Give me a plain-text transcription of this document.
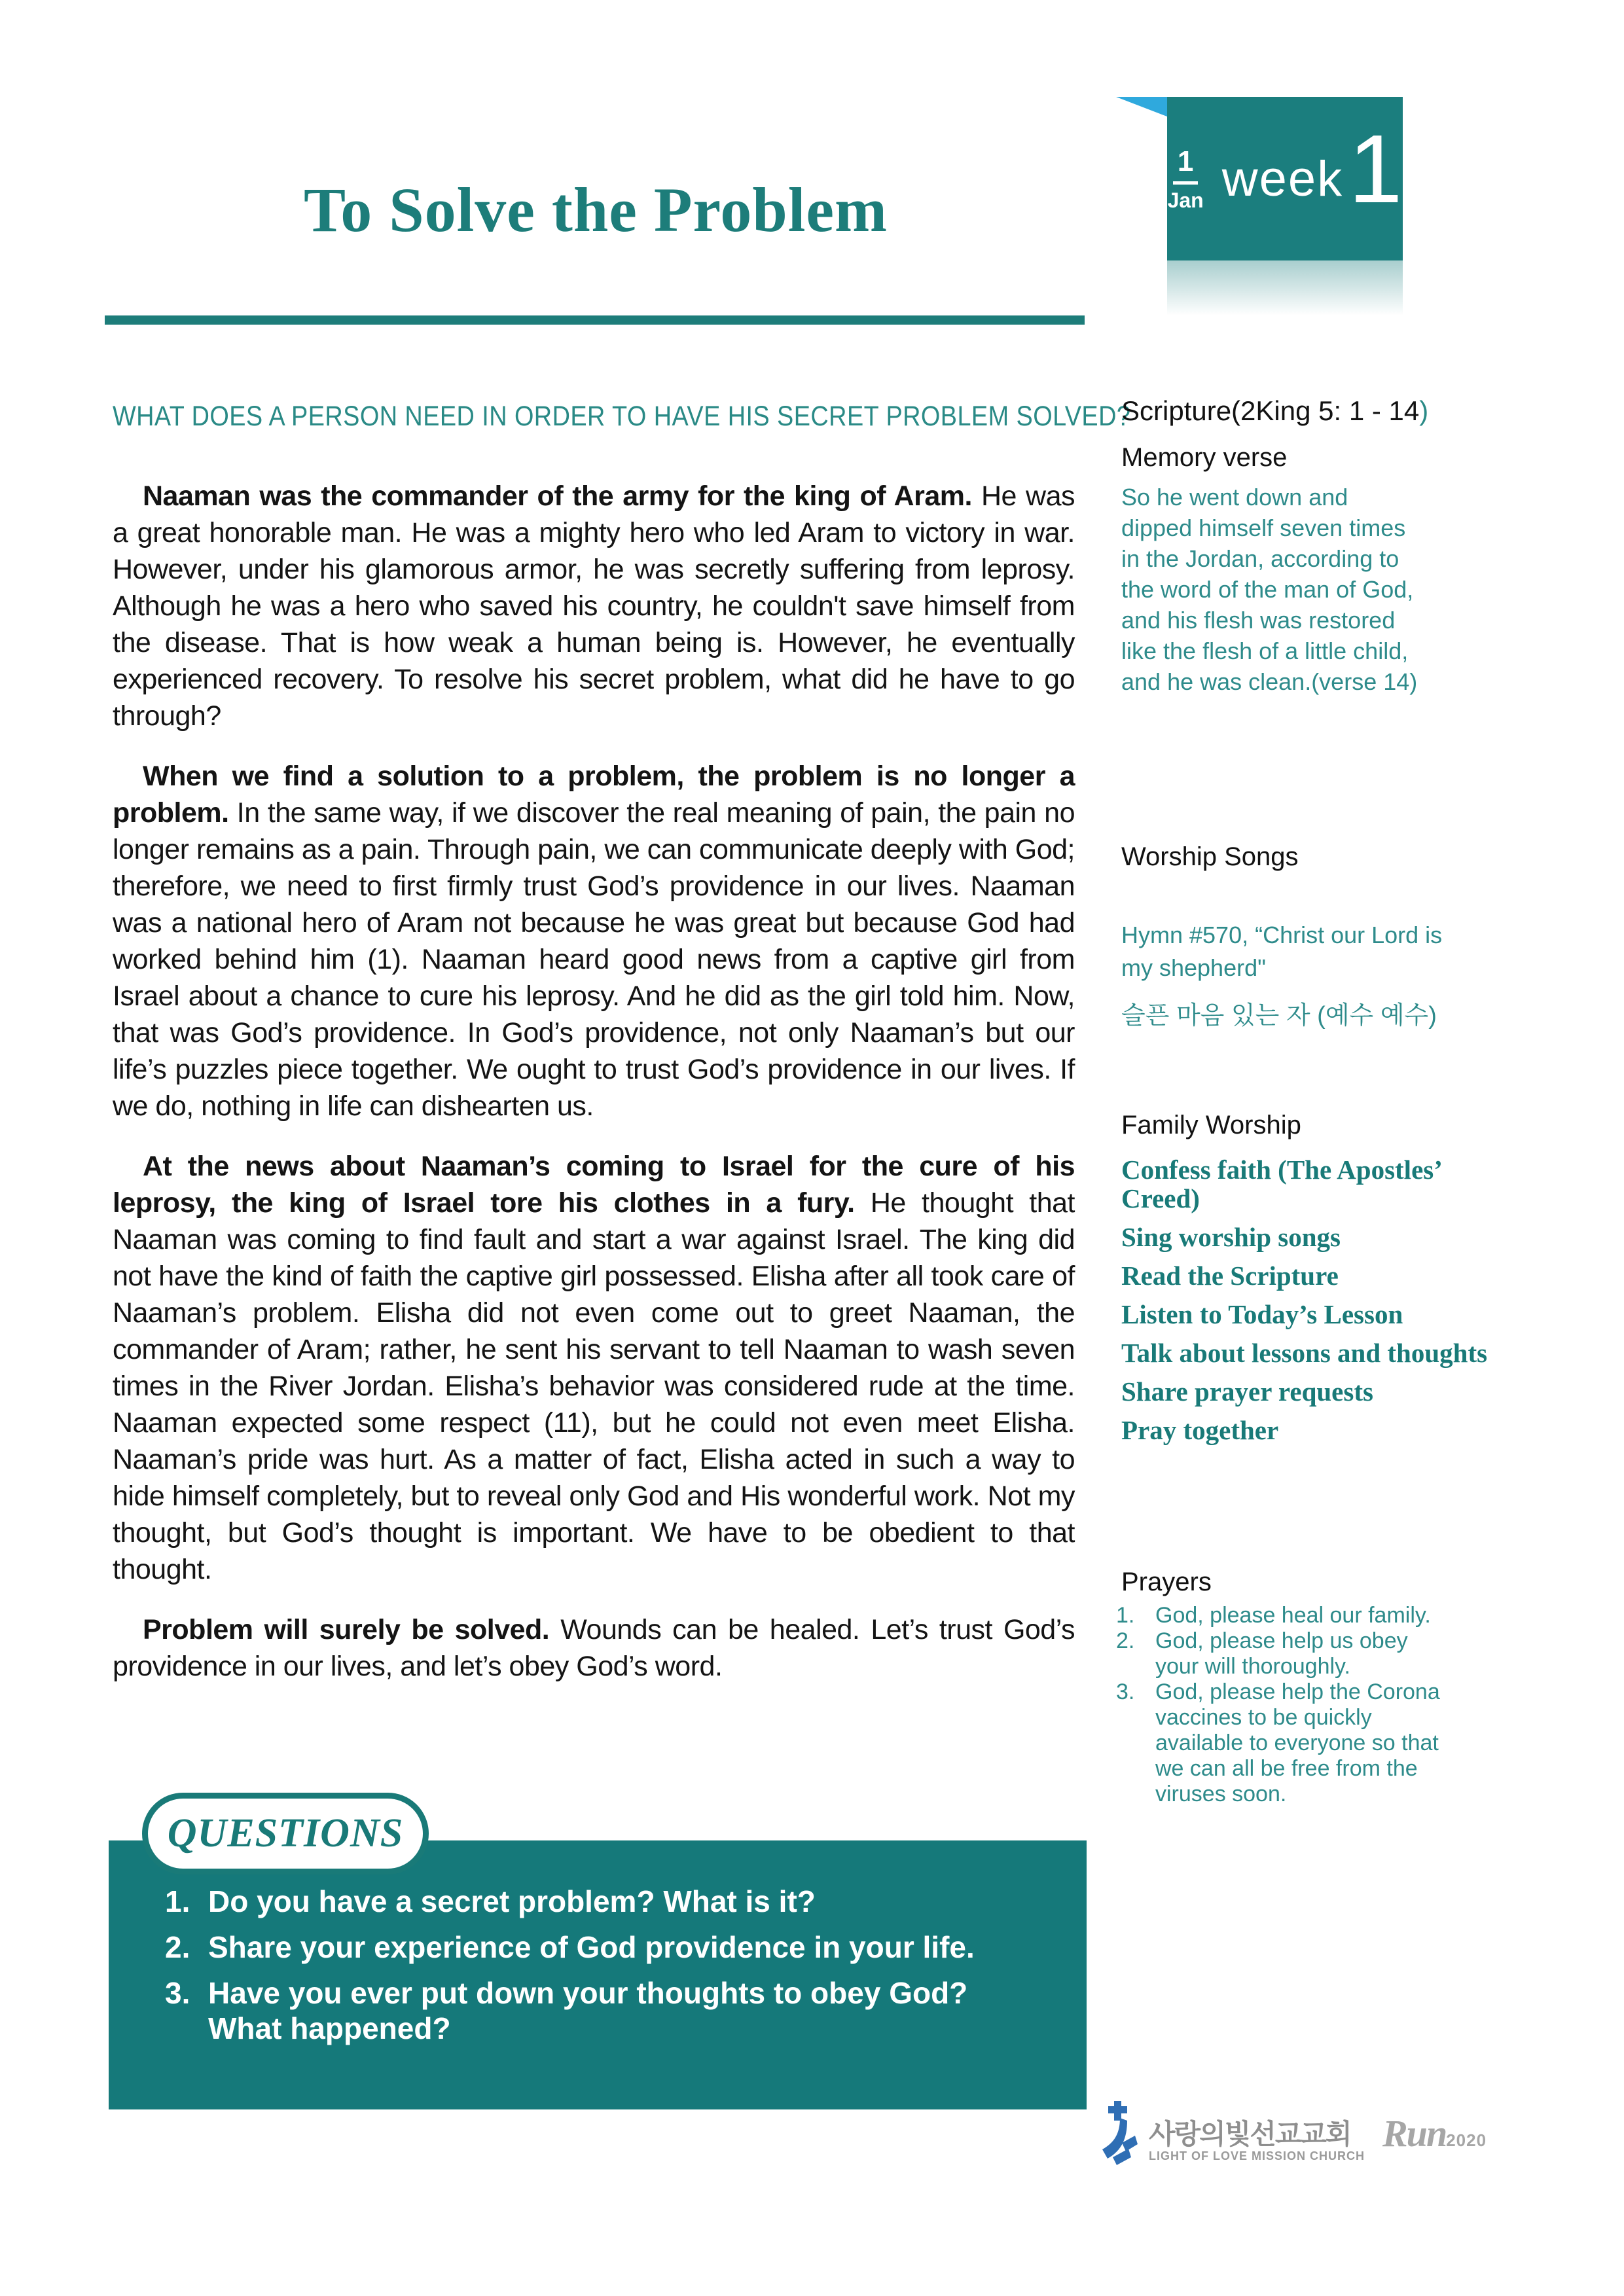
To Solve the Problem
1
Jan week 1
WHAT DOES A PERSON NEED IN ORDER TO HAVE HIS SECRET PROBLEM SOLVED?

Naaman was the commander of the army for the king of Aram. He was a great honorable man. He was a mighty hero who led Aram to victory in war. However, under his glamorous armor, he was secretly suffering from leprosy. Although he was a hero who saved his country, he couldn't save himself from the disease. That is how weak a human being is. However, he eventually experienced recovery. To resolve his secret problem, what did he have to go through?

When we find a solution to a problem, the problem is no longer a problem. In the same way, if we discover the real meaning of pain, the pain no longer remains as a pain. Through pain, we can communicate deeply with God; therefore, we need to first firmly trust God’s providence in our lives. Naaman was a national hero of Aram not because he was great but because God had worked behind him (1). Naaman heard good news from a captive girl from Israel about a chance to cure his leprosy. And he did as the girl told him. Now, that was God’s providence. In God’s providence, not only Naaman’s but our life’s puzzles piece together. We ought to trust God’s providence in our lives. If we do, nothing in life can dishearten us.

At the news about Naaman’s coming to Israel for the cure of his leprosy, the king of Israel tore his clothes in a fury. He thought that Naaman was coming to find fault and start a war against Israel. The king did not have the kind of faith the captive girl possessed. Elisha after all took care of Naaman’s problem. Elisha did not even come out to greet Naaman, the commander of Aram; rather, he sent his servant to tell Naaman to wash seven times in the River Jordan. Elisha’s behavior was considered rude at the time. Naaman expected some respect (11), but he could not even meet Elisha. Naaman’s pride was hurt. As a matter of fact, Elisha acted in such a way to hide himself completely, but to reveal only God and His wonderful work. Not my thought, but God’s thought is important. We have to be obedient to that thought.

Problem will surely be solved. Wounds can be healed. Let’s trust God’s providence in our lives, and let’s obey God’s word.

1. Do you have a secret problem? What is it?
2. Share your experience of God providence in your life.
3. Have you ever put down your thoughts to obey God? What happened?
QUESTIONS
Scripture(2King 5: 1 - 14)
Memory verse
So he went down and dipped himself seven times in the Jordan, according to the word of the man of God, and his flesh was restored like the flesh of a little child, and he was clean.(verse 14)
Worship Songs
Hymn #570, “Christ our Lord is my shepherd"
슬픈 마음 있는 자 (예수 예수)
Family Worship
Confess faith (The Apostles’ Creed)
Sing worship songs
Read the Scripture
Listen to Today’s Lesson
Talk about lessons and thoughts
Share prayer requests
Pray together
Prayers
1. God, please heal our family.
2. God, please help us obey your will thoroughly.
3. God, please help the Corona vaccines to be quickly available to everyone so that we can all be free from the viruses soon.
사랑의빛선교교회
LIGHT OF LOVE MISSION CHURCH
Run2020
